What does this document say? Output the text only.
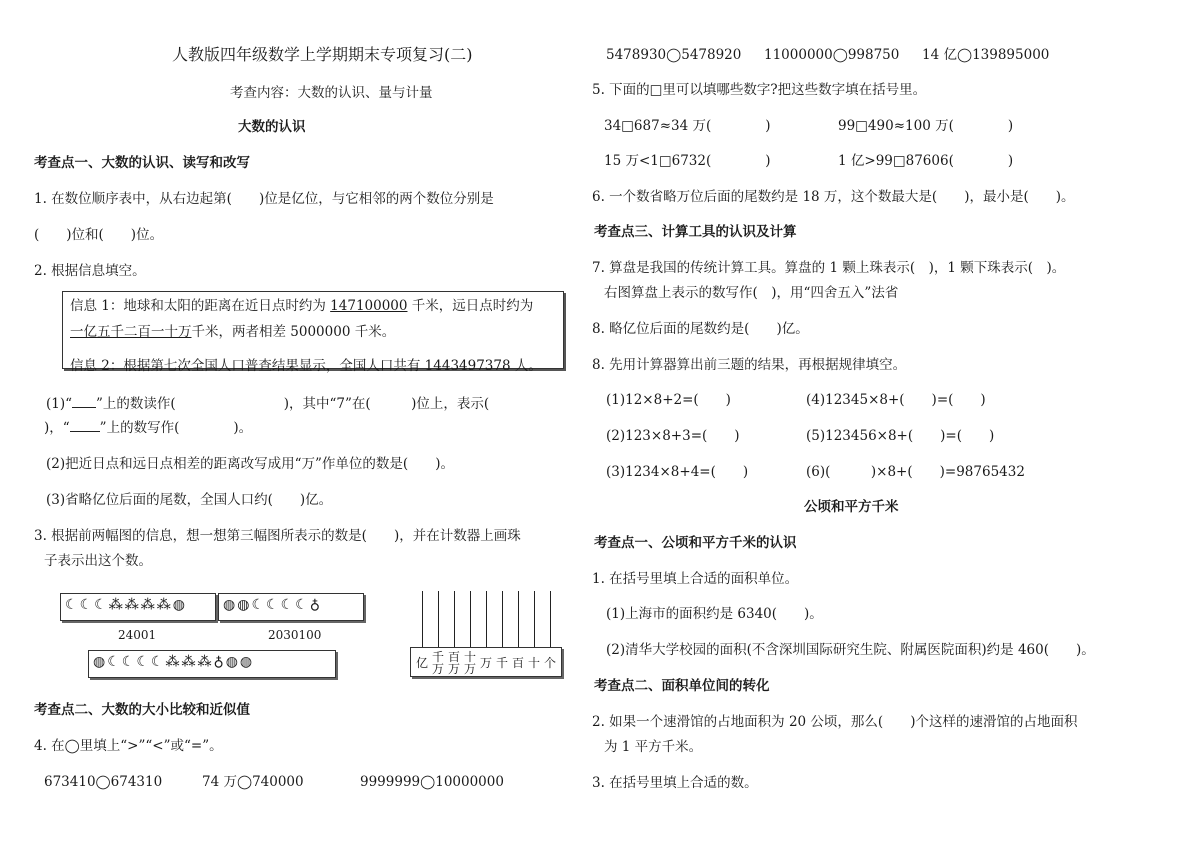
人教版四年级数学上学期期末专项复习(二)
考查内容：大数的认识、量与计量
大数的认识
考查点一、大数的认识、读写和改写
1. 在数位顺序表中，从右边起第(　　)位是亿位，与它相邻的两个数位分别是
(　　)位和(　　)位。
2. 根据信息填空。
信息 1：地球和太阳的距离在近日点时约为 147100000 千米，远日点时约为
一亿五千二百一十万千米，两者相差 5000000 千米。
信息 2：根据第七次全国人口普查结果显示，全国人口共有 1443497378 人。
(1)“ ”上的数读作(　　　　　　　　)，其中“7”在(　　　)位上，表示(
)，“ ”上的数写作(　　　　)。
(2)把近日点和远日点相差的距离改写成用“万”作单位的数是(　　)。
(3)省略亿位后面的尾数，全国人口约(　　)亿。
3. 根据前两幅图的信息，想一想第三幅图所表示的数是(　　)，并在计数器上画珠
子表示出这个数。
☾ ☾ ☾ ⁂ ⁂ ⁂ ⁂ ◍
24001
◍ ◍ ☾ ☾ ☾ ☾ ♁
2030100
◍ ☾ ☾ ☾ ☾ ⁂ ⁂ ⁂ ♁ ◍ ◍	亿 千
万
百
万
十
万 万 千 百 十 个
考查点二、大数的大小比较和近似值
4. 在◯里填上“>”“<”或“=”。
673410◯674310	74 万◯740000	9999999◯10000000
5478930◯5478920 11000000◯998750 14 亿◯139895000
5. 下面的□里可以填哪些数字?把这些数字填在括号里。
34□687≈34 万(　　　　)	99□490≈100 万(　　　　)
15 万<1□6732(　　　　)	1 亿>99□87606(　　　　)
6. 一个数省略万位后面的尾数约是 18 万，这个数最大是(　　)，最小是(　　)。
考查点三、计算工具的认识及计算
7. 算盘是我国的传统计算工具。算盘的 1 颗上珠表示(　)，1 颗下珠表示(　)。
右图算盘上表示的数写作(　)，用“四舍五入”法省
8. 略亿位后面的尾数约是(　　)亿。
8. 先用计算器算出前三题的结果，再根据规律填空。
(1)12×8+2=(　　)	(4)12345×8+(　　)=(　　)
(2)123×8+3=(　　)	(5)123456×8+(　　)=(　　)
(3)1234×8+4=(　　)	(6)(　　　)×8+(　　)=98765432
公顷和平方千米
考查点一、公顷和平方千米的认识
1. 在括号里填上合适的面积单位。
(1)上海市的面积约是 6340(　　)。
(2)清华大学校园的面积(不含深圳国际研究生院、附属医院面积)约是 460(　　)。
考查点二、面积单位间的转化
2. 如果一个速滑馆的占地面积为 20 公顷，那么(　　)个这样的速滑馆的占地面积
为 1 平方千米。
3. 在括号里填上合适的数。
